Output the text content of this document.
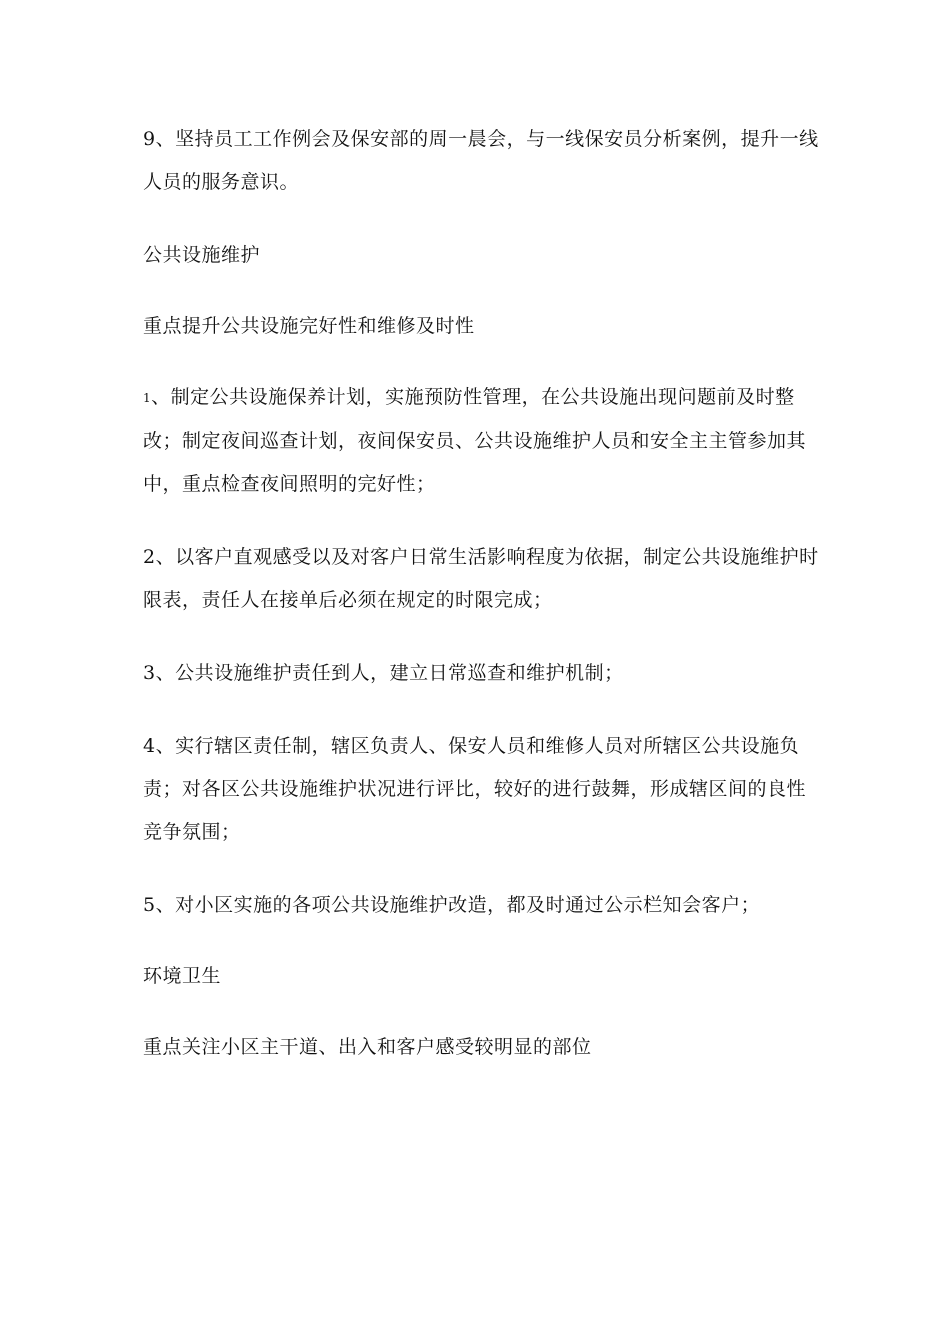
9、坚持员工工作例会及保安部的周一晨会，与一线保安员分析案例，提升一线人员的服务意识。

公共设施维护

重点提升公共设施完好性和维修及时性

1、制定公共设施保养计划，实施预防性管理，在公共设施出现问题前及时整改；制定夜间巡查计划，夜间保安员、公共设施维护人员和安全主主管参加其中，重点检查夜间照明的完好性；

2、以客户直观感受以及对客户日常生活影响程度为依据，制定公共设施维护时限表，责任人在接单后必须在规定的时限完成；

3、公共设施维护责任到人，建立日常巡查和维护机制；

4、实行辖区责任制，辖区负责人、保安人员和维修人员对所辖区公共设施负责；对各区公共设施维护状况进行评比，较好的进行鼓舞，形成辖区间的良性竞争氛围；

5、对小区实施的各项公共设施维护改造，都及时通过公示栏知会客户；

环境卫生

重点关注小区主干道、出入和客户感受较明显的部位
